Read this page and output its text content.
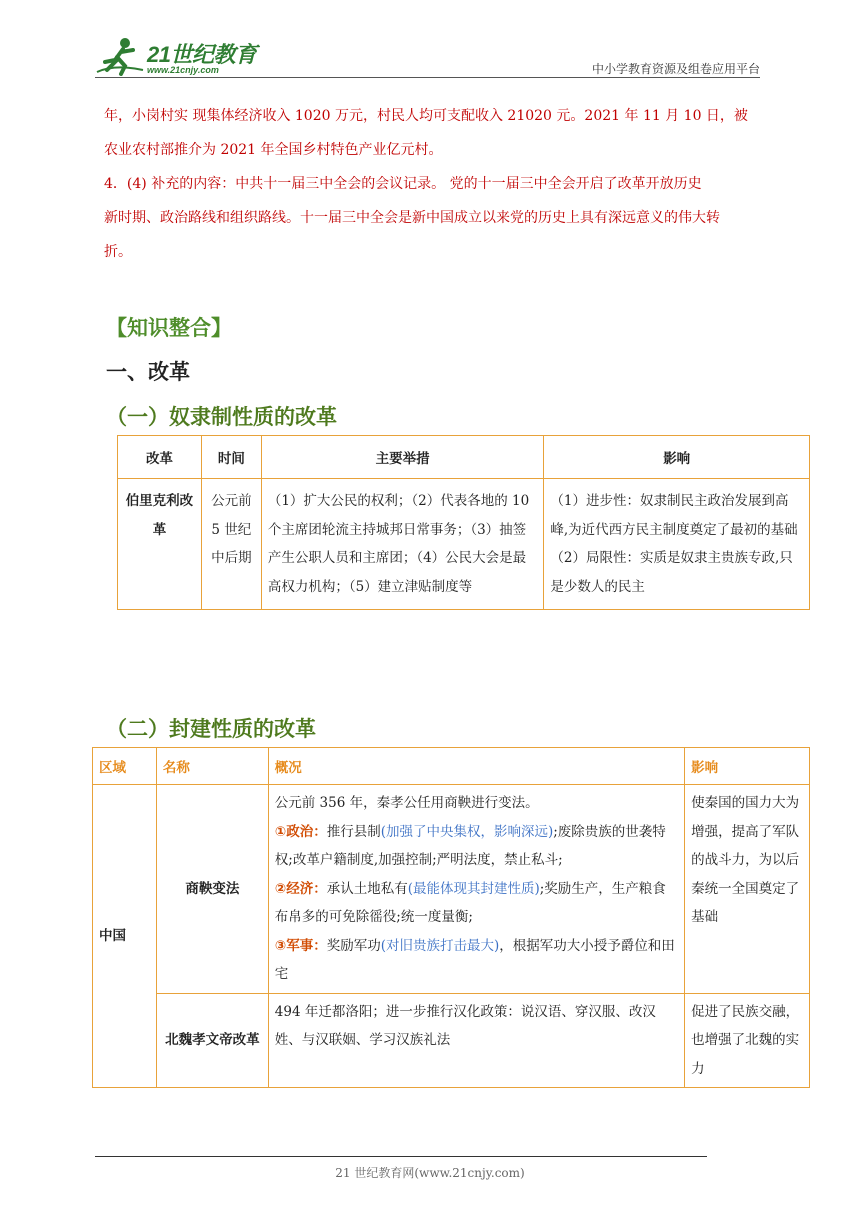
21世纪教育
www.21cnjy.com	中小学教育资源及组卷应用平台
年，小岗村实 现集体经济收入 1020 万元，村民人均可支配收入 21020 元。2021 年 11 月 10 日，被
农业农村部推介为 2021 年全国乡村特色产业亿元村。
4．(4) 补充的内容：中共十一届三中全会的会议记录。 党的十一届三中全会开启了改革开放历史
新时期、政治路线和组织路线。十一届三中全会是新中国成立以来党的历史上具有深远意义的伟大转
折。
【知识整合】
一、改革
（一）奴隶制性质的改革
改革	时间	主要举措	影响
伯里克利改革	公元前 5 世纪中后期	（1）扩大公民的权利；（2）代表各地的 10 个主席团轮流主持城邦日常事务；（3）抽签产生公职人员和主席团；（4）公民大会是最高权力机构；（5）建立津贴制度等	（1）进步性：奴隶制民主政治发展到高峰,为近代西方民主制度奠定了最初的基础
（2）局限性：实质是奴隶主贵族专政,只是少数人的民主
（二）封建性质的改革
区域	名称	概况	影响
中国	商鞅变法	公元前 356 年，秦孝公任用商鞅进行变法。
①政治：推行县制(加强了中央集权，影响深远);废除贵族的世袭特权;改革户籍制度,加强控制;严明法度，禁止私斗;
②经济：承认土地私有(最能体现其封建性质);奖励生产，生产粮食布帛多的可免除徭役;统一度量衡;
③军事：奖励军功(对旧贵族打击最大)，根据军功大小授予爵位和田宅	使秦国的国力大为增强，提高了军队的战斗力，为以后秦统一全国奠定了基础
	北魏孝文帝改革	494 年迁都洛阳；进一步推行汉化政策：说汉语、穿汉服、改汉姓、与汉联姻、学习汉族礼法	促进了民族交融，也增强了北魏的实力
21 世纪教育网(www.21cnjy.com)
